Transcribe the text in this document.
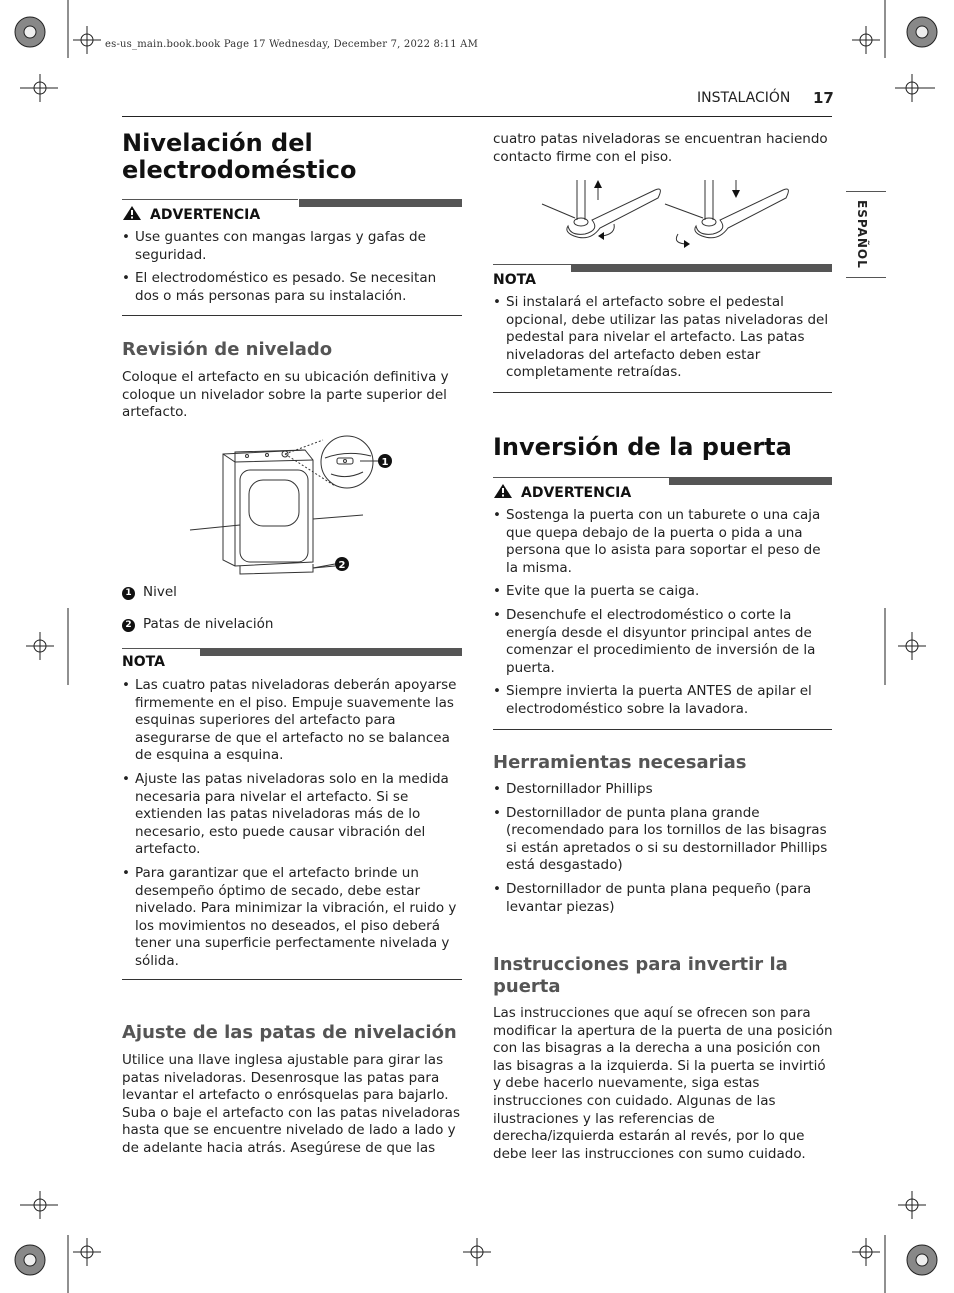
es-us_main.book.book Page 17 Wednesday, December 7, 2022 8:11 AM
INSTALACIÓN 17
ESPAÑOL
Nivelación del electrodoméstico
ADVERTENCIA
• Use guantes con mangas largas y gafas de seguridad.
• El electrodoméstico es pesado. Se necesitan dos o más personas para su instalación.
Revisión de nivelado

Coloque el artefacto en su ubicación definitiva y coloque un nivelador sobre la parte superior del artefacto.

1
2
1 Nivel
2 Patas de nivelación
NOTA
• Las cuatro patas niveladoras deberán apoyarse firmemente en el piso. Empuje suavemente las esquinas superiores del artefacto para asegurarse de que el artefacto no se balancea de esquina a esquina.
• Ajuste las patas niveladoras solo en la medida necesaria para nivelar el artefacto. Si se extienden las patas niveladoras más de lo necesario, esto puede causar vibración del artefacto.
• Para garantizar que el artefacto brinde un desempeño óptimo de secado, debe estar nivelado. Para minimizar la vibración, el ruido y los movimientos no deseados, el piso deberá tener una superficie perfectamente nivelada y sólida.
Ajuste de las patas de nivelación

Utilice una llave inglesa ajustable para girar las patas niveladoras. Desenrosque las patas para levantar el artefacto o enrósquelas para bajarlo. Suba o baje el artefacto con las patas niveladoras hasta que se encuentre nivelado de lado a lado y de adelante hacia atrás. Asegúrese de que las

cuatro patas niveladoras se encuentran haciendo contacto firme con el piso.

NOTA
• Si instalará el artefacto sobre el pedestal opcional, debe utilizar las patas niveladoras del pedestal para nivelar el artefacto. Las patas niveladoras del artefacto deben estar completamente retraídas.
Inversión de la puerta
ADVERTENCIA
• Sostenga la puerta con un taburete o una caja que quepa debajo de la puerta o pida a una persona que lo asista para soportar el peso de la misma.
• Evite que la puerta se caiga.
• Desenchufe el electrodoméstico o corte la energía desde el disyuntor principal antes de comenzar el procedimiento de inversión de la puerta.
• Siempre invierta la puerta ANTES de apilar el electrodoméstico sobre la lavadora.
Herramientas necesarias
• Destornillador Phillips
• Destornillador de punta plana grande (recomendado para los tornillos de las bisagras si están apretados o si su destornillador Phillips está desgastado)
• Destornillador de punta plana pequeño (para levantar piezas)
Instrucciones para invertir la puerta

Las instrucciones que aquí se ofrecen son para modificar la apertura de la puerta de una posición con las bisagras a la derecha a una posición con las bisagras a la izquierda. Si la puerta se invirtió y debe hacerlo nuevamente, siga estas instrucciones con cuidado. Algunas de las ilustraciones y las referencias de derecha/izquierda estarán al revés, por lo que debe leer las instrucciones con sumo cuidado.
